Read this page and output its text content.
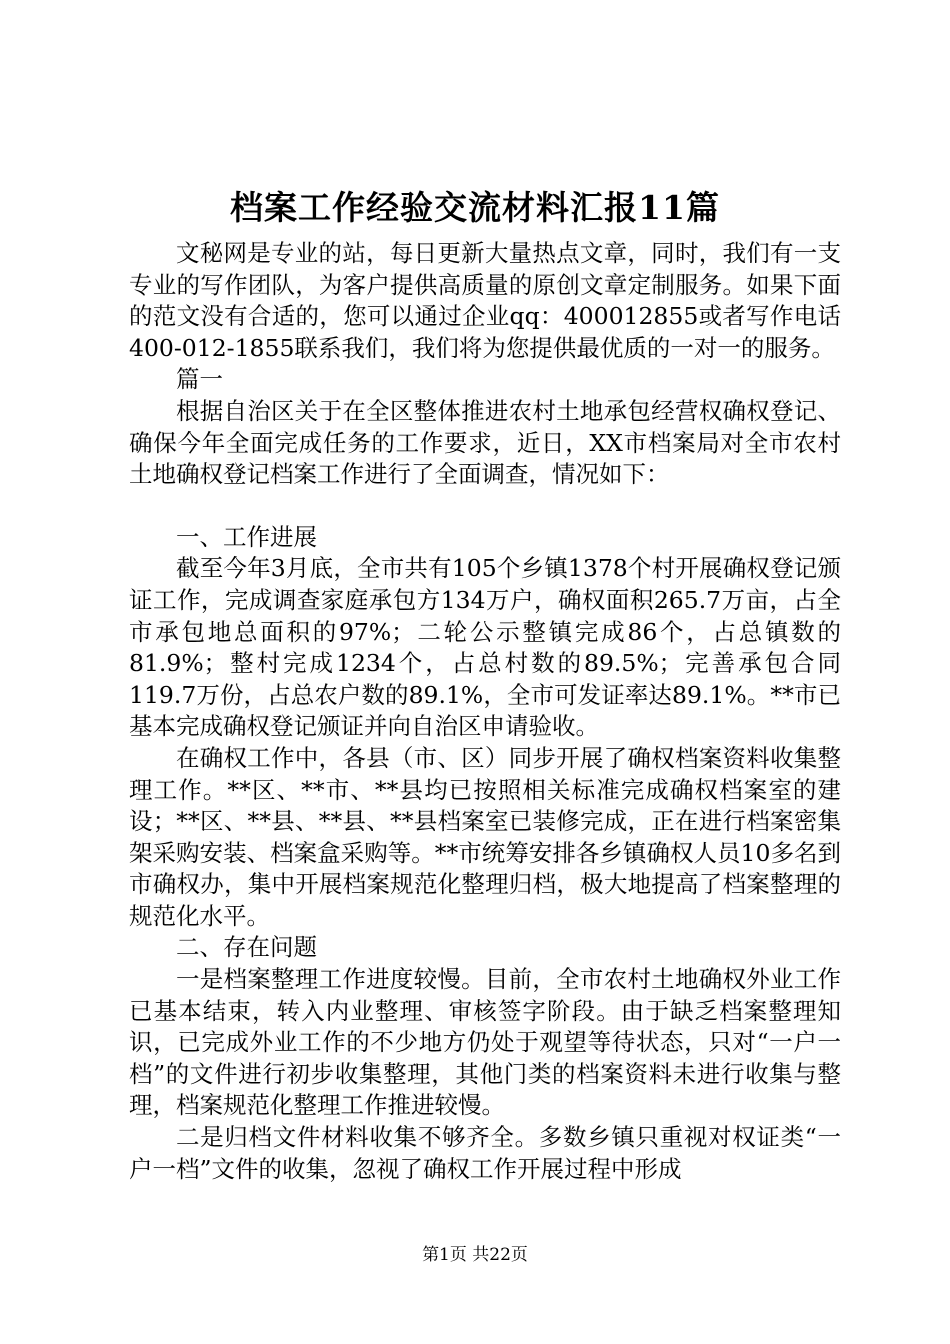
档案工作经验交流材料汇报11篇

文秘网是专业的站，每日更新大量热点文章，同时，我们有一支专业的写作团队，为客户提供高质量的原创文章定制服务。如果下面的范文没有合适的，您可以通过企业qq：400012855或者写作电话400-012-1855联系我们，我们将为您提供最优质的一对一的服务。

篇一

根据自治区关于在全区整体推进农村土地承包经营权确权登记、确保今年全面完成任务的工作要求，近日，XX市档案局对全市农村土地确权登记档案工作进行了全面调查，情况如下：

一、工作进展

截至今年3月底，全市共有105个乡镇1378个村开展确权登记颁证工作，完成调查家庭承包方134万户，确权面积265.7万亩，占全市承包地总面积的97%；二轮公示整镇完成86个，占总镇数的81.9%；整村完成1234个，占总村数的89.5%；完善承包合同119.7万份，占总农户数的89.1%，全市可发证率达89.1%。**市已基本完成确权登记颁证并向自治区申请验收。

在确权工作中，各县（市、区）同步开展了确权档案资料收集整理工作。**区、**市、**县均已按照相关标准完成确权档案室的建设；**区、**县、**县、**县档案室已装修完成，正在进行档案密集架采购安装、档案盒采购等。**市统筹安排各乡镇确权人员10多名到市确权办，集中开展档案规范化整理归档，极大地提高了档案整理的规范化水平。

二、存在问题

一是档案整理工作进度较慢。目前，全市农村土地确权外业工作已基本结束，转入内业整理、审核签字阶段。由于缺乏档案整理知识，已完成外业工作的不少地方仍处于观望等待状态，只对“一户一档”的文件进行初步收集整理，其他门类的档案资料未进行收集与整理，档案规范化整理工作推进较慢。

二是归档文件材料收集不够齐全。多数乡镇只重视对权证类“一户一档”文件的收集，忽视了确权工作开展过程中形成

第1页 共22页
